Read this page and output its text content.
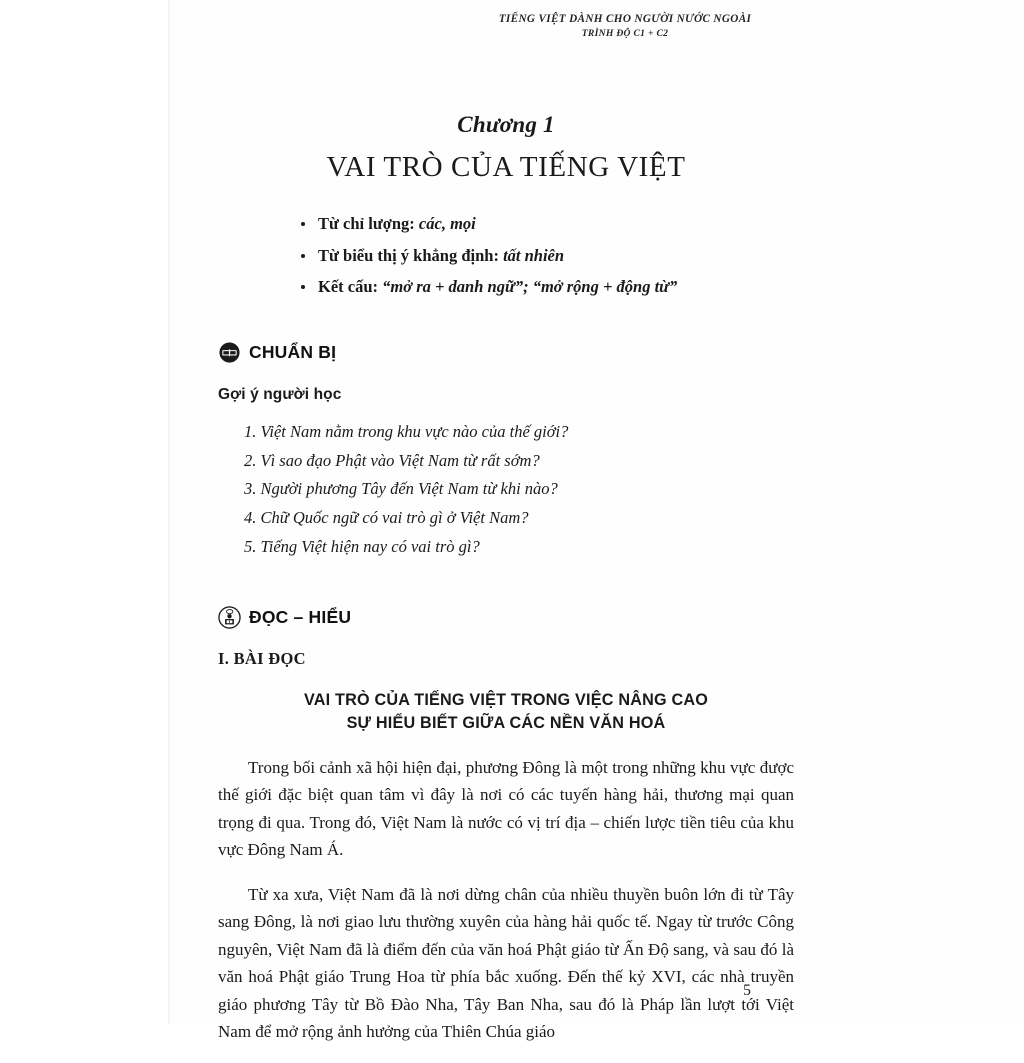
TIẾNG VIỆT DÀNH CHO NGƯỜI NƯỚC NGOÀI
TRÌNH ĐỘ C1 + C2
Chương 1
VAI TRÒ CỦA TIẾNG VIỆT
Từ chỉ lượng: các, mọi
Từ biểu thị ý khẳng định: tất nhiên
Kết cấu: “mở ra + danh ngữ”; “mở rộng + động từ”
CHUẨN BỊ
Gợi ý người học
1. Việt Nam nằm trong khu vực nào của thế giới?
2. Vì sao đạo Phật vào Việt Nam từ rất sớm?
3. Người phương Tây đến Việt Nam từ khi nào?
4. Chữ Quốc ngữ có vai trò gì ở Việt Nam?
5. Tiếng Việt hiện nay có vai trò gì?
ĐỌC – HIỂU
I. BÀI ĐỌC
VAI TRÒ CỦA TIẾNG VIỆT TRONG VIỆC NÂNG CAO
SỰ HIỂU BIẾT GIỮA CÁC NỀN VĂN HOÁ

Trong bối cảnh xã hội hiện đại, phương Đông là một trong những khu vực được thế giới đặc biệt quan tâm vì đây là nơi có các tuyến hàng hải, thương mại quan trọng đi qua. Trong đó, Việt Nam là nước có vị trí địa – chiến lược tiền tiêu của khu vực Đông Nam Á.

Từ xa xưa, Việt Nam đã là nơi dừng chân của nhiều thuyền buôn lớn đi từ Tây sang Đông, là nơi giao lưu thường xuyên của hàng hải quốc tế. Ngay từ trước Công nguyên, Việt Nam đã là điểm đến của văn hoá Phật giáo từ Ấn Độ sang, và sau đó là văn hoá Phật giáo Trung Hoa từ phía bắc xuống. Đến thế kỷ XVI, các nhà truyền giáo phương Tây từ Bồ Đào Nha, Tây Ban Nha, sau đó là Pháp lần lượt tới Việt Nam để mở rộng ảnh hưởng của Thiên Chúa giáo

5
